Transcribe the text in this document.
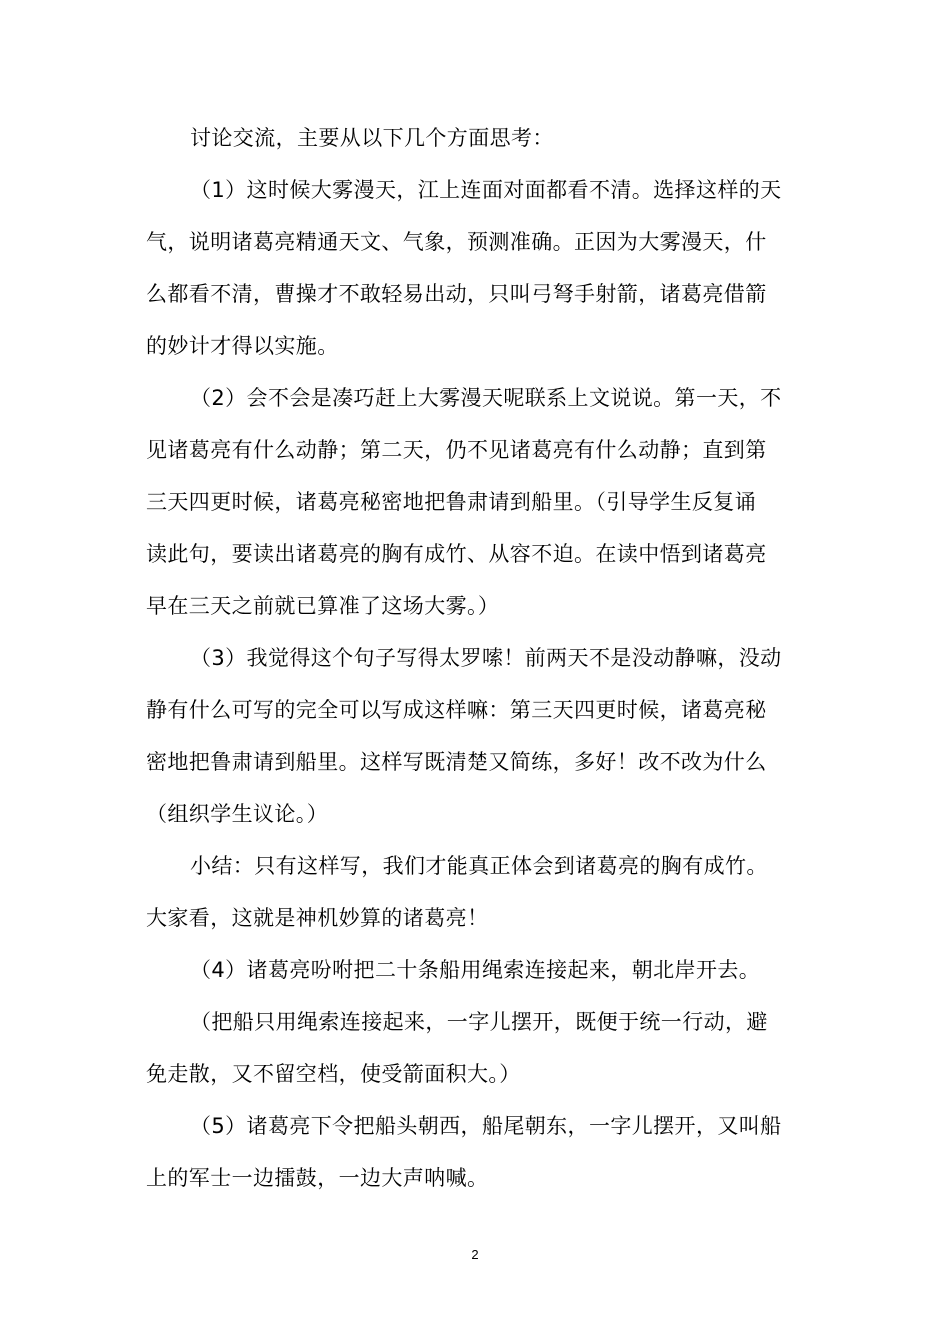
讨论交流，主要从以下几个方面思考：
（1）这时候大雾漫天，江上连面对面都看不清。选择这样的天
气，说明诸葛亮精通天文、气象，预测准确。正因为大雾漫天，什
么都看不清，曹操才不敢轻易出动，只叫弓弩手射箭，诸葛亮借箭
的妙计才得以实施。
（2）会不会是凑巧赶上大雾漫天呢联系上文说说。第一天，不
见诸葛亮有什么动静；第二天，仍不见诸葛亮有什么动静；直到第
三天四更时候，诸葛亮秘密地把鲁肃请到船里。（引导学生反复诵
读此句，要读出诸葛亮的胸有成竹、从容不迫。在读中悟到诸葛亮
早在三天之前就已算准了这场大雾。）
（3）我觉得这个句子写得太罗嗦！前两天不是没动静嘛，没动
静有什么可写的完全可以写成这样嘛：第三天四更时候，诸葛亮秘
密地把鲁肃请到船里。这样写既清楚又简练，多好！改不改为什么
（组织学生议论。）
小结：只有这样写，我们才能真正体会到诸葛亮的胸有成竹。
大家看，这就是神机妙算的诸葛亮！
（4）诸葛亮吩咐把二十条船用绳索连接起来，朝北岸开去。
（把船只用绳索连接起来，一字儿摆开，既便于统一行动，避
免走散，又不留空档，使受箭面积大。）
（5）诸葛亮下令把船头朝西，船尾朝东，一字儿摆开，又叫船
上的军士一边擂鼓，一边大声呐喊。
2
